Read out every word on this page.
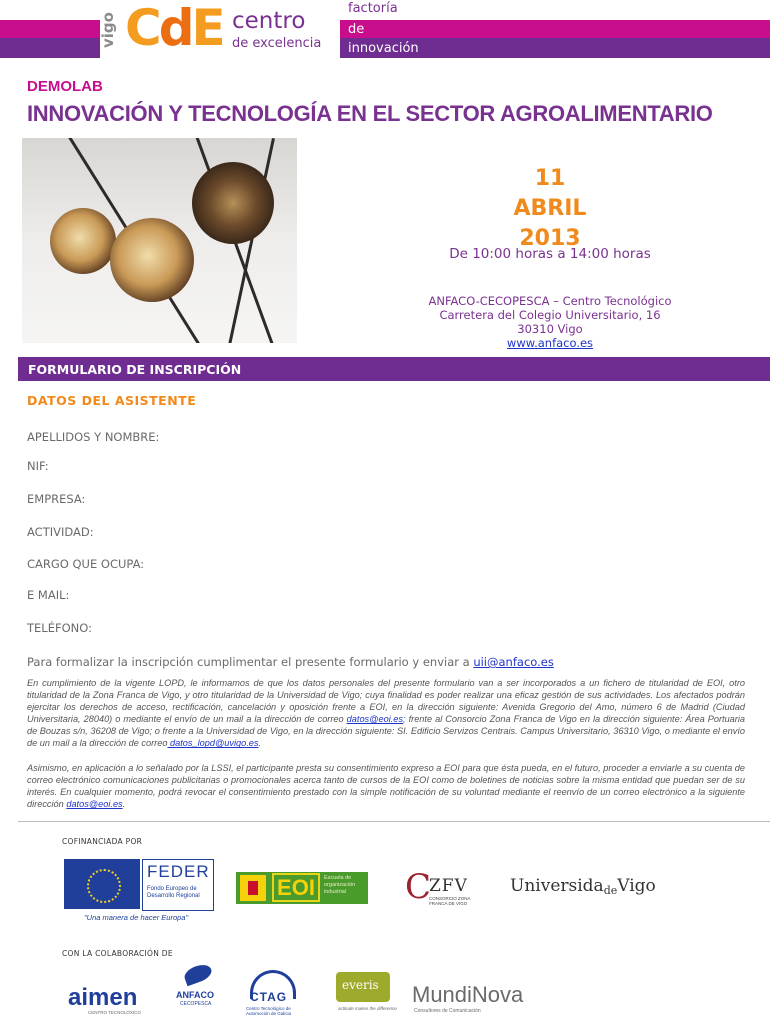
vigo CdE centro
de excelencia
factoría
de
innovación
DEMOLAB
INNOVACIÓN Y TECNOLOGÍA EN EL SECTOR AGROALIMENTARIO
11
ABRIL
2013
De 10:00 horas a 14:00 horas
ANFACO-CECOPESCA – Centro Tecnológico
Carretera del Colegio Universitario, 16
30310 Vigo
www.anfaco.es
FORMULARIO DE INSCRIPCIÓN
DATOS DEL ASISTENTE
APELLIDOS Y NOMBRE:
NIF:
EMPRESA:
ACTIVIDAD:
CARGO QUE OCUPA:
E MAIL:
TELÉFONO:
Para formalizar la inscripción cumplimentar el presente formulario y enviar a uii@anfaco.es
En cumplimiento de la vigente LOPD, le informamos de que los datos personales del presente formulario van a ser incorporados a un fichero de titularidad de EOI, otro titularidad de la Zona Franca de Vigo, y otro titularidad de la Universidad de Vigo; cuya finalidad es poder realizar una eficaz gestión de sus actividades. Los afectados podrán ejercitar los derechos de acceso, rectificación, cancelación y oposición frente a EOI, en la dirección siguiente: Avenida Gregorio del Amo, número 6 de Madrid (Ciudad Universitaria, 28040) o mediante el envío de un mail a la dirección de correo datos@eoi.es; frente al Consorcio Zona Franca de Vigo en la dirección siguiente: Área Portuaria de Bouzas s/n, 36208 de Vigo; o frente a la Universidad de Vigo, en la dirección siguiente: SI. Edificio Servizos Centrais. Campus Universitario, 36310 Vigo, o mediante el envío de un mail a la dirección de correo datos_lopd@uvigo.es.
Asimismo, en aplicación a lo señalado por la LSSI, el participante presta su consentimiento expreso a EOI para que ésta pueda, en el futuro, proceder a enviarle a su cuenta de correo electrónico comunicaciones publicitarias o promocionales acerca tanto de cursos de la EOI como de boletines de noticias sobre la misma entidad que puedan ser de su interés. En cualquier momento, podrá revocar el consentimiento prestado con la simple notificación de su voluntad mediante el reenvío de un correo electrónico a la siguiente dirección datos@eoi.es.
COFINANCIADA POR
FEDER
Fondo Europeo de Desarrollo Regional
"Una manera de hacer Europa"
EOI	Escuela de organización industrial	C
ZFV
CONSORCIO ZONA FRANCA DE VIGO
UniversidadeVigo
CON LA COLABORACIÓN DE
aimen
CENTRO TECNOLÓXICO
ANFACO
CECOPESCA	CTAG
Centro Tecnológico de Automoción de Galicia
everis
actitude makes the difference
MundiNova
Consultores de Comunicación
